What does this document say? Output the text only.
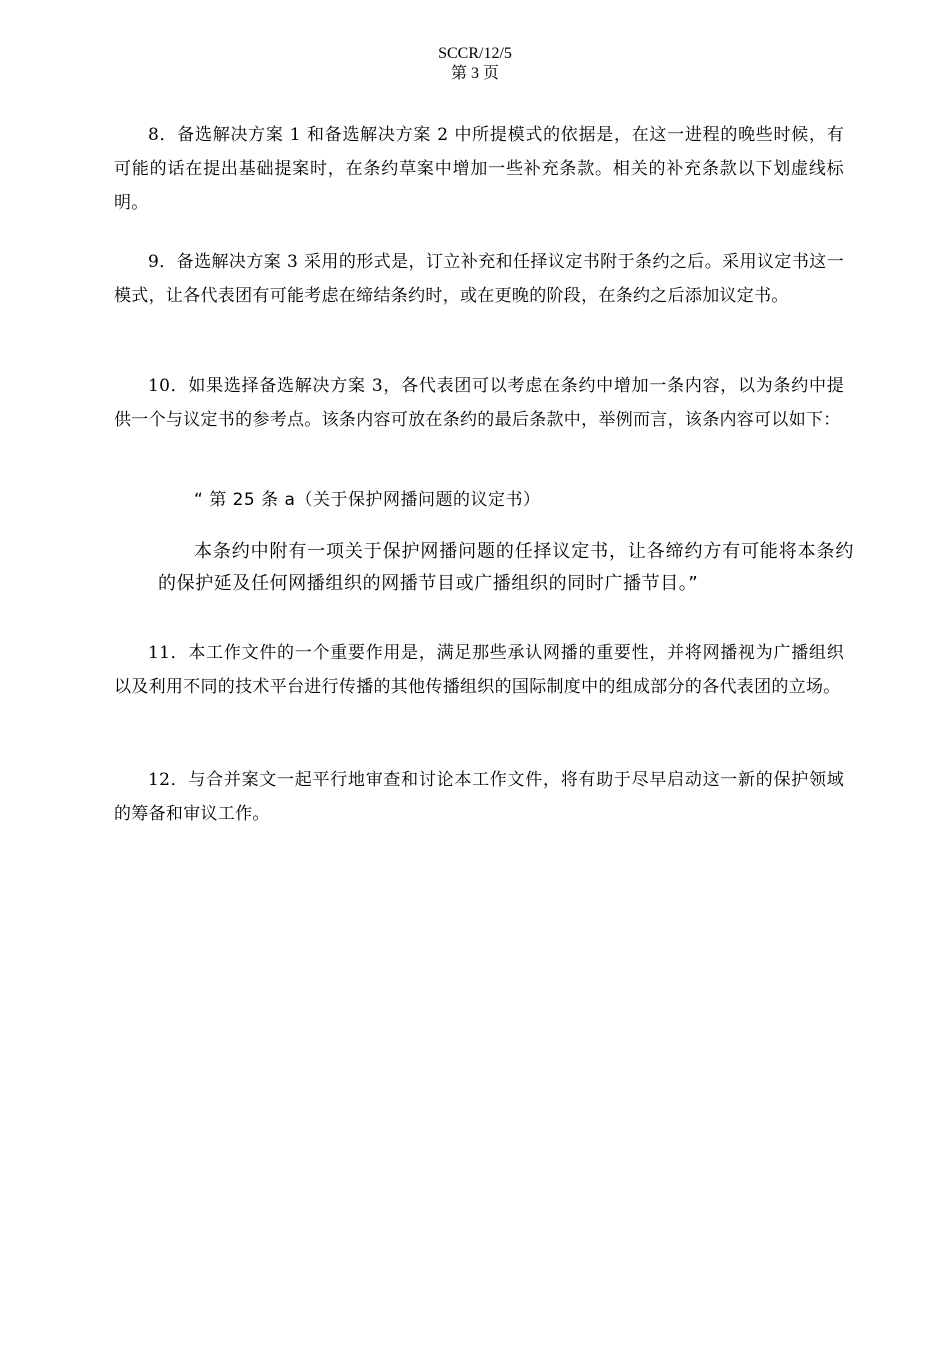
SCCR/12/5
第 3 页
8．备选解决方案 1 和备选解决方案 2 中所提模式的依据是，在这一进程的晚些时候，有可能的话在提出基础提案时，在条约草案中增加一些补充条款。相关的补充条款以下划虚线标明。
9．备选解决方案 3 采用的形式是，订立补充和任择议定书附于条约之后。采用议定书这一模式，让各代表团有可能考虑在缔结条约时，或在更晚的阶段，在条约之后添加议定书。
10．如果选择备选解决方案 3，各代表团可以考虑在条约中增加一条内容，以为条约中提供一个与议定书的参考点。该条内容可放在条约的最后条款中，举例而言，该条内容可以如下：
“ 第 25 条 a（关于保护网播问题的议定书）
本条约中附有一项关于保护网播问题的任择议定书，让各缔约方有可能将本条约的保护延及任何网播组织的网播节目或广播组织的同时广播节目。”
11．本工作文件的一个重要作用是，满足那些承认网播的重要性，并将网播视为广播组织以及利用不同的技术平台进行传播的其他传播组织的国际制度中的组成部分的各代表团的立场。
12．与合并案文一起平行地审查和讨论本工作文件，将有助于尽早启动这一新的保护领域的筹备和审议工作。
